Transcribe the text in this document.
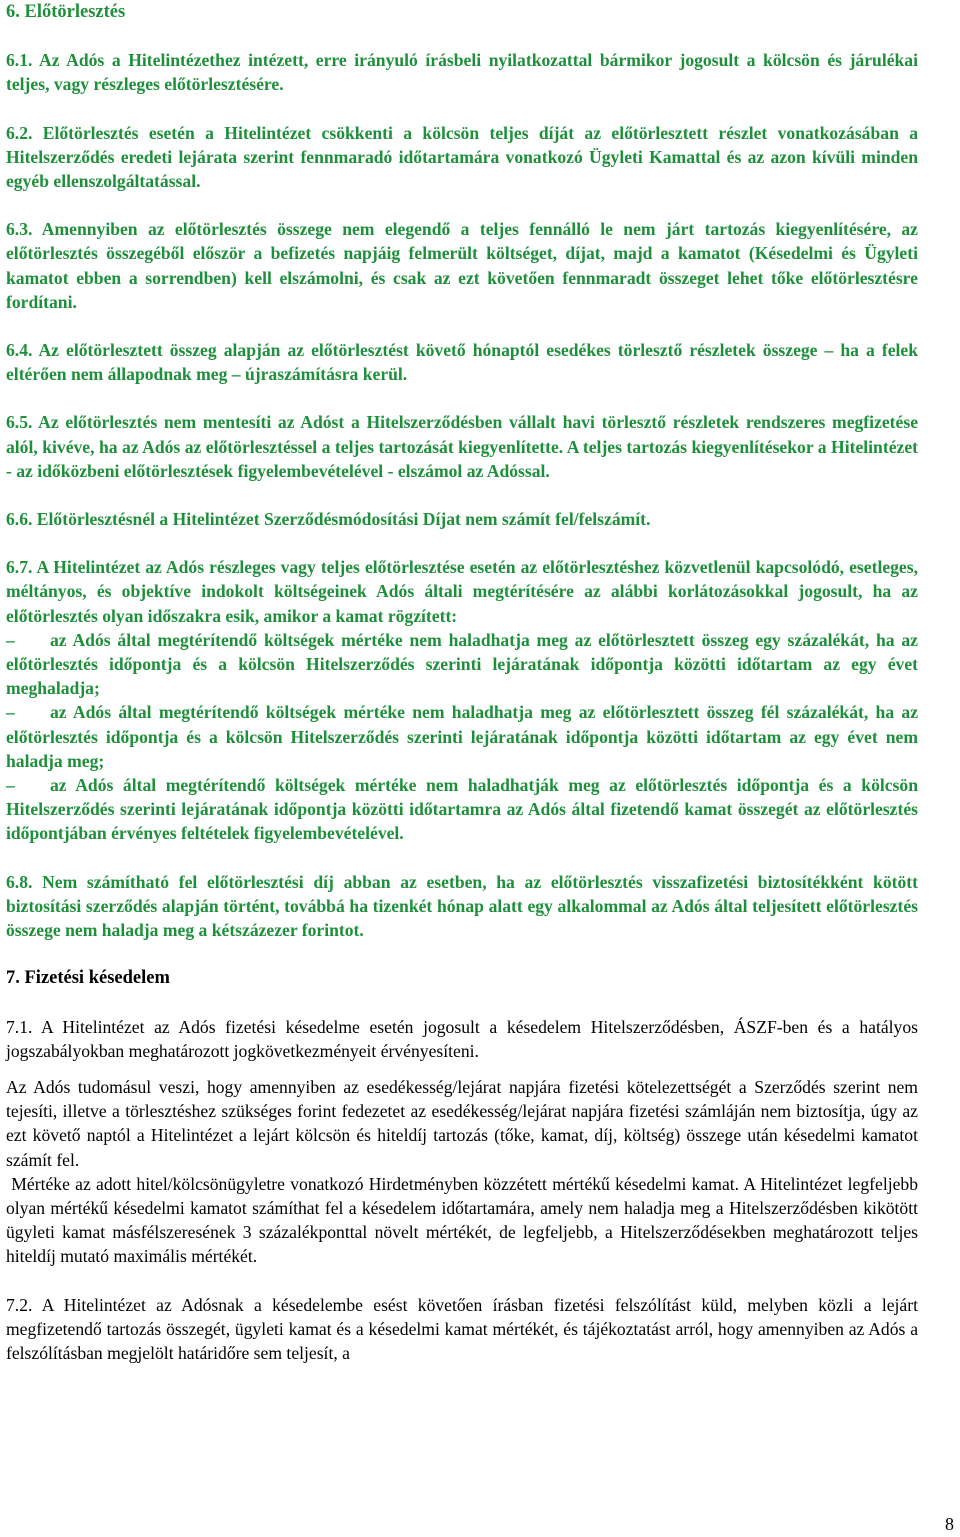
6. Előtörlesztés

6.1. Az Adós a Hitelintézethez intézett, erre irányuló írásbeli nyilatkozattal bármikor jogosult a kölcsön és járulékai teljes, vagy részleges előtörlesztésére.

6.2. Előtörlesztés esetén a Hitelintézet csökkenti a kölcsön teljes díját az előtörlesztett részlet vonatkozásában a Hitelszerződés eredeti lejárata szerint fennmaradó időtartamára vonatkozó Ügyleti Kamattal és az azon kívüli minden egyéb ellenszolgáltatással.

6.3. Amennyiben az előtörlesztés összege nem elegendő a teljes fennálló le nem járt tartozás kiegyenlítésére, az előtörlesztés összegéből először a befizetés napjáig felmerült költséget, díjat, majd a kamatot (Késedelmi és Ügyleti kamatot ebben a sorrendben) kell elszámolni, és csak az ezt követően fennmaradt összeget lehet tőke előtörlesztésre fordítani.

6.4. Az előtörlesztett összeg alapján az előtörlesztést követő hónaptól esedékes törlesztő részletek összege – ha a felek eltérően nem állapodnak meg – újraszámításra kerül.

6.5. Az előtörlesztés nem mentesíti az Adóst a Hitelszerződésben vállalt havi törlesztő részletek rendszeres megfizetése alól, kivéve, ha az Adós az előtörlesztéssel a teljes tartozását kiegyenlítette. A teljes tartozás kiegyenlítésekor a Hitelintézet - az időközbeni előtörlesztések figyelembevételével - elszámol az Adóssal.

6.6. Előtörlesztésnél a Hitelintézet Szerződésmódosítási Díjat nem számít fel/felszámít.

6.7. A Hitelintézet az Adós részleges vagy teljes előtörlesztése esetén az előtörlesztéshez közvetlenül kapcsolódó, esetleges, méltányos, és objektíve indokolt költségeinek Adós általi megtérítésére az alábbi korlátozásokkal jogosult, ha az előtörlesztés olyan időszakra esik, amikor a kamat rögzített:

– az Adós által megtérítendő költségek mértéke nem haladhatja meg az előtörlesztett összeg egy százalékát, ha az előtörlesztés időpontja és a kölcsön Hitelszerződés szerinti lejáratának időpontja közötti időtartam az egy évet meghaladja;

– az Adós által megtérítendő költségek mértéke nem haladhatja meg az előtörlesztett összeg fél százalékát, ha az előtörlesztés időpontja és a kölcsön Hitelszerződés szerinti lejáratának időpontja közötti időtartam az egy évet nem haladja meg;

– az Adós által megtérítendő költségek mértéke nem haladhatják meg az előtörlesztés időpontja és a kölcsön Hitelszerződés szerinti lejáratának időpontja közötti időtartamra az Adós által fizetendő kamat összegét az előtörlesztés időpontjában érvényes feltételek figyelembevételével.

6.8. Nem számítható fel előtörlesztési díj abban az esetben, ha az előtörlesztés visszafizetési biztosítékként kötött biztosítási szerződés alapján történt, továbbá ha tizenkét hónap alatt egy alkalommal az Adós által teljesített előtörlesztés összege nem haladja meg a kétszázezer forintot.

7. Fizetési késedelem

7.1. A Hitelintézet az Adós fizetési késedelme esetén jogosult a késedelem Hitelszerződésben, ÁSZF-ben és a hatályos jogszabályokban meghatározott jogkövetkezményeit érvényesíteni.

Az Adós tudomásul veszi, hogy amennyiben az esedékesség/lejárat napjára fizetési kötelezettségét a Szerződés szerint nem tejesíti, illetve a törlesztéshez szükséges forint fedezetet az esedékesség/lejárat napjára fizetési számláján nem biztosítja, úgy az ezt követő naptól a Hitelintézet a lejárt kölcsön és hiteldíj tartozás (tőke, kamat, díj, költség) összege után késedelmi kamatot számít fel.

Mértéke az adott hitel/kölcsönügyletre vonatkozó Hirdetményben közzétett mértékű késedelmi kamat. A Hitelintézet legfeljebb olyan mértékű késedelmi kamatot számíthat fel a késedelem időtartamára, amely nem haladja meg a Hitelszerződésben kikötött ügyleti kamat másfélszeresének 3 százalékponttal növelt mértékét, de legfeljebb, a Hitelszerződésekben meghatározott teljes hiteldíj mutató maximális mértékét.

7.2. A Hitelintézet az Adósnak a késedelembe esést követően írásban fizetési felszólítást küld, melyben közli a lejárt megfizetendő tartozás összegét, ügyleti kamat és a késedelmi kamat mértékét, és tájékoztatást arról, hogy amennyiben az Adós a felszólításban megjelölt határidőre sem teljesít, a

8
